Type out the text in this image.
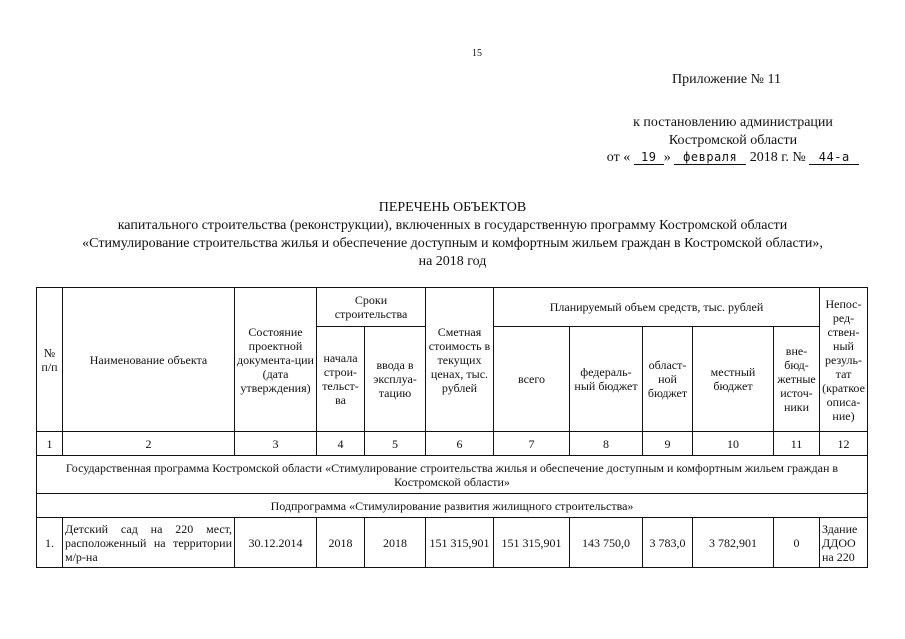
15
Приложение № 11
к постановлению администрации
Костромской области
от « 19 » февраля 2018 г. № 44-а
ПЕРЕЧЕНЬ ОБЪЕКТОВ
капитального строительства (реконструкции), включенных в государственную программу Костромской области
«Стимулирование строительства жилья и обеспечение доступным и комфортным жильем граждан в Костромской области»,
на 2018 год
№ п/п	Наименование объекта	Состояние проектной документа-ции (дата утверждения)	Сроки строительства		Сметная стоимость в текущих ценах, тыс. рублей	Планируемый объем средств, тыс. рублей					Непос-ред-ствен-ный резуль-тат (краткое описа-ние)
			начала строи-тельст-ва	ввода в эксплуа-тацию		всего	федераль-ный бюджет	област-ной бюджет	местный бюджет	вне-бюд-жетные источ-ники	
1	2	3	4	5	6	7	8	9	10	11	12
Государственная программа Костромской области «Стимулирование строительства жилья и обеспечение доступным и комфортным жильем граждан в Костромской области»											
Подпрограмма «Стимулирование развития жилищного строительства»											
1.	Детский сад на 220 мест, расположенный на территории м/р-на	30.12.2014	2018	2018	151 315,901	151 315,901	143 750,0	3 783,0	3 782,901	0	Здание ДДОО на 220
